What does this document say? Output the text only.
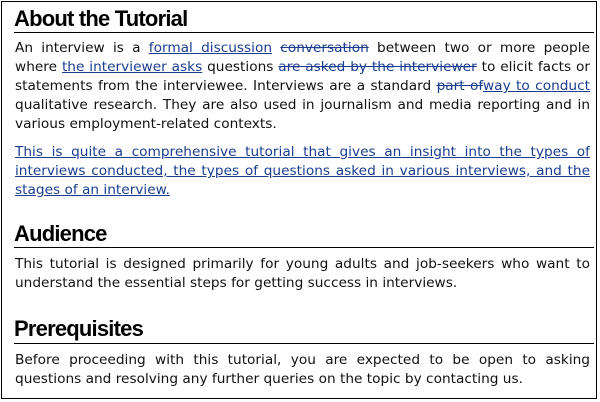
About the Tutorial

An interview is a formal discussion conversation between two or more people where the interviewer asks questions are asked by the interviewer to elicit facts or statements from the interviewee. Interviews are a standard part ofway to conduct qualitative research. They are also used in journalism and media reporting and in various employment-related contexts.

This is quite a comprehensive tutorial that gives an insight into the types of interviews conducted, the types of questions asked in various interviews, and the stages of an interview.

Audience

This tutorial is designed primarily for young adults and job-seekers who want to understand the essential steps for getting success in interviews.

Prerequisites

Before proceeding with this tutorial, you are expected to be open to asking questions and resolving any further queries on the topic by contacting us.
